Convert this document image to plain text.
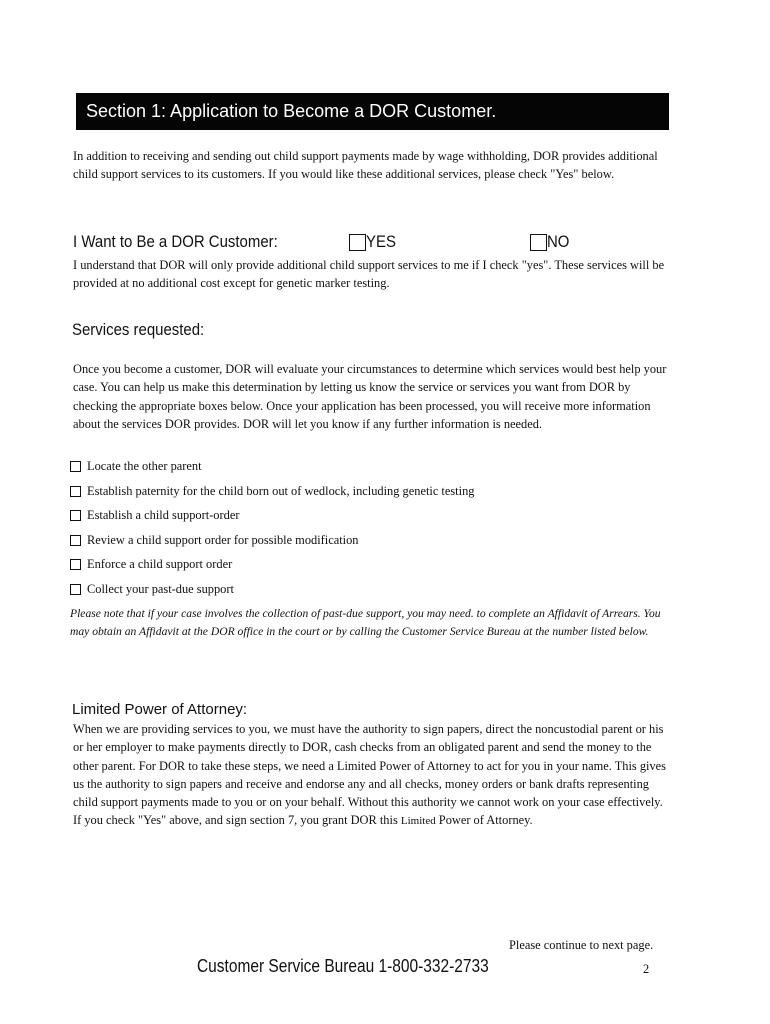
Section 1: Application to Become a DOR Customer.
In addition to receiving and sending out child support payments made by wage withholding, DOR provides additional child support services to its customers. If you would like these additional services, please check "Yes" below.
I Want to Be a DOR Customer:	YES	NO
I understand that DOR will only provide additional child support services to me if I check "yes". These services will be provided at no additional cost except for genetic marker testing.
Services requested:
Once you become a customer, DOR will evaluate your circumstances to determine which services would best help your case. You can help us make this determination by letting us know the service or services you want from DOR by checking the appropriate boxes below. Once your application has been processed, you will receive more information about the services DOR provides. DOR will let you know if any further information is needed.
Locate the other parent
Establish paternity for the child born out of wedlock, including genetic testing
Establish a child support-order
Review a child support order for possible modification
Enforce a child support order
Collect your past-due support
Please note that if your case involves the collection of past-due support, you may need. to complete an Affidavit of Arrears. You may obtain an Affidavit at the DOR office in the court or by calling the Customer Service Bureau at the number listed below.
Limited Power of Attorney:
When we are providing services to you, we must have the authority to sign papers, direct the noncustodial parent or his or her employer to make payments directly to DOR, cash checks from an obligated parent and send the money to the other parent. For DOR to take these steps, we need a Limited Power of Attorney to act for you in your name. This gives us the authority to sign papers and receive and endorse any and all checks, money orders or bank drafts representing child support payments made to you or on your behalf. Without this authority we cannot work on your case effectively. If you check "Yes" above, and sign section 7, you grant DOR this Limited Power of Attorney.
Please continue to next page.
Customer Service Bureau 1-800-332-2733	2
